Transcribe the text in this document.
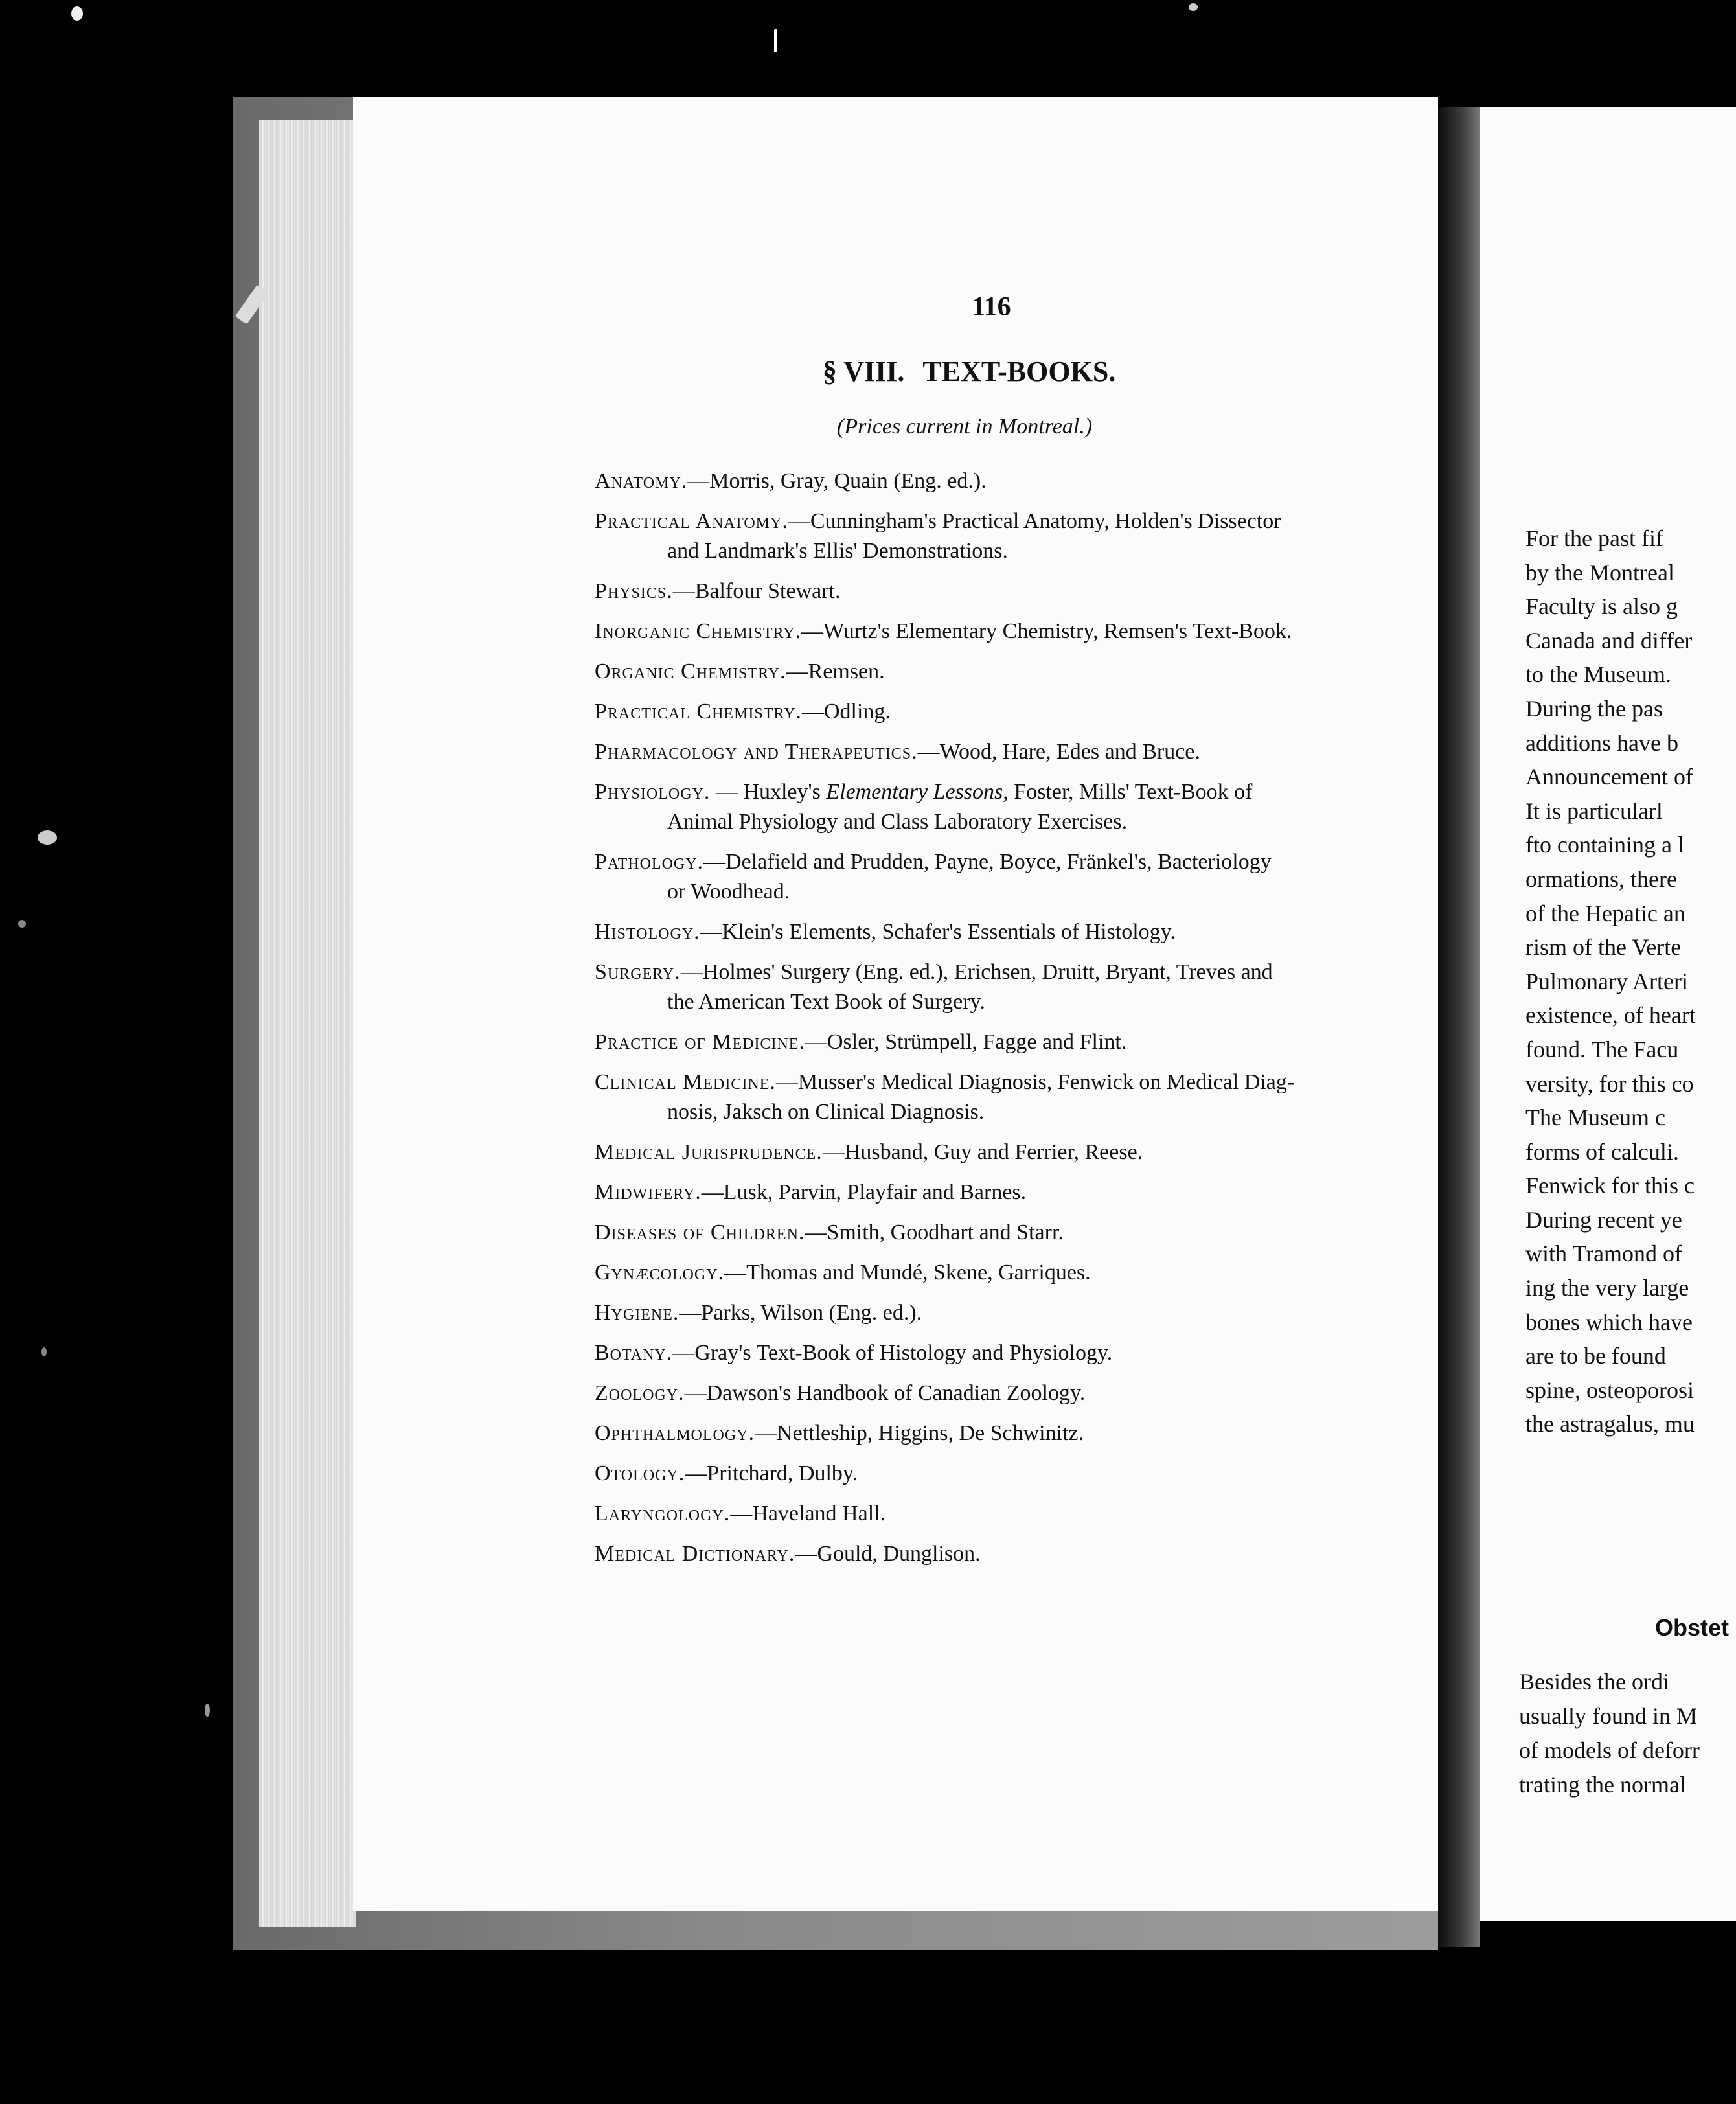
For the past fif
by the Montreal
Faculty is also g
Canada and differ
to the Museum.
During the pas
additions have b
Announcement of
It is particularl
fto containing a l
ormations, there
of the Hepatic an
rism of the Verte
Pulmonary Arteri
existence, of heart
found. The Facu
versity, for this co
The Museum c
forms of calculi.
Fenwick for this c
During recent ye
with Tramond of
ing the very large
bones which have
are to be found
spine, osteoporosi
the astragalus, mu
Obstet
Besides the ordi
usually found in M
of models of deforr
trating the normal
116
§ VIII. TEXT-BOOKS.
(Prices current in Montreal.)
Anatomy.—Morris, Gray, Quain (Eng. ed.).
Practical Anatomy.—Cunningham's Practical Anatomy, Holden's Dissector
and Landmark's Ellis' Demonstrations.
Physics.—Balfour Stewart.
Inorganic Chemistry.—Wurtz's Elementary Chemistry, Remsen's Text-Book.
Organic Chemistry.—Remsen.
Practical Chemistry.—Odling.
Pharmacology and Therapeutics.—Wood, Hare, Edes and Bruce.
Physiology. — Huxley's Elementary Lessons, Foster, Mills' Text-Book of
Animal Physiology and Class Laboratory Exercises.
Pathology.—Delafield and Prudden, Payne, Boyce, Fränkel's, Bacteriology
or Woodhead.
Histology.—Klein's Elements, Schafer's Essentials of Histology.
Surgery.—Holmes' Surgery (Eng. ed.), Erichsen, Druitt, Bryant, Treves and
the American Text Book of Surgery.
Practice of Medicine.—Osler, Strümpell, Fagge and Flint.
Clinical Medicine.—Musser's Medical Diagnosis, Fenwick on Medical Diag-
nosis, Jaksch on Clinical Diagnosis.
Medical Jurisprudence.—Husband, Guy and Ferrier, Reese.
Midwifery.—Lusk, Parvin, Playfair and Barnes.
Diseases of Children.—Smith, Goodhart and Starr.
Gynæcology.—Thomas and Mundé, Skene, Garriques.
Hygiene.—Parks, Wilson (Eng. ed.).
Botany.—Gray's Text-Book of Histology and Physiology.
Zoology.—Dawson's Handbook of Canadian Zoology.
Ophthalmology.—Nettleship, Higgins, De Schwinitz.
Otology.—Pritchard, Dulby.
Laryngology.—Haveland Hall.
Medical Dictionary.—Gould, Dunglison.
